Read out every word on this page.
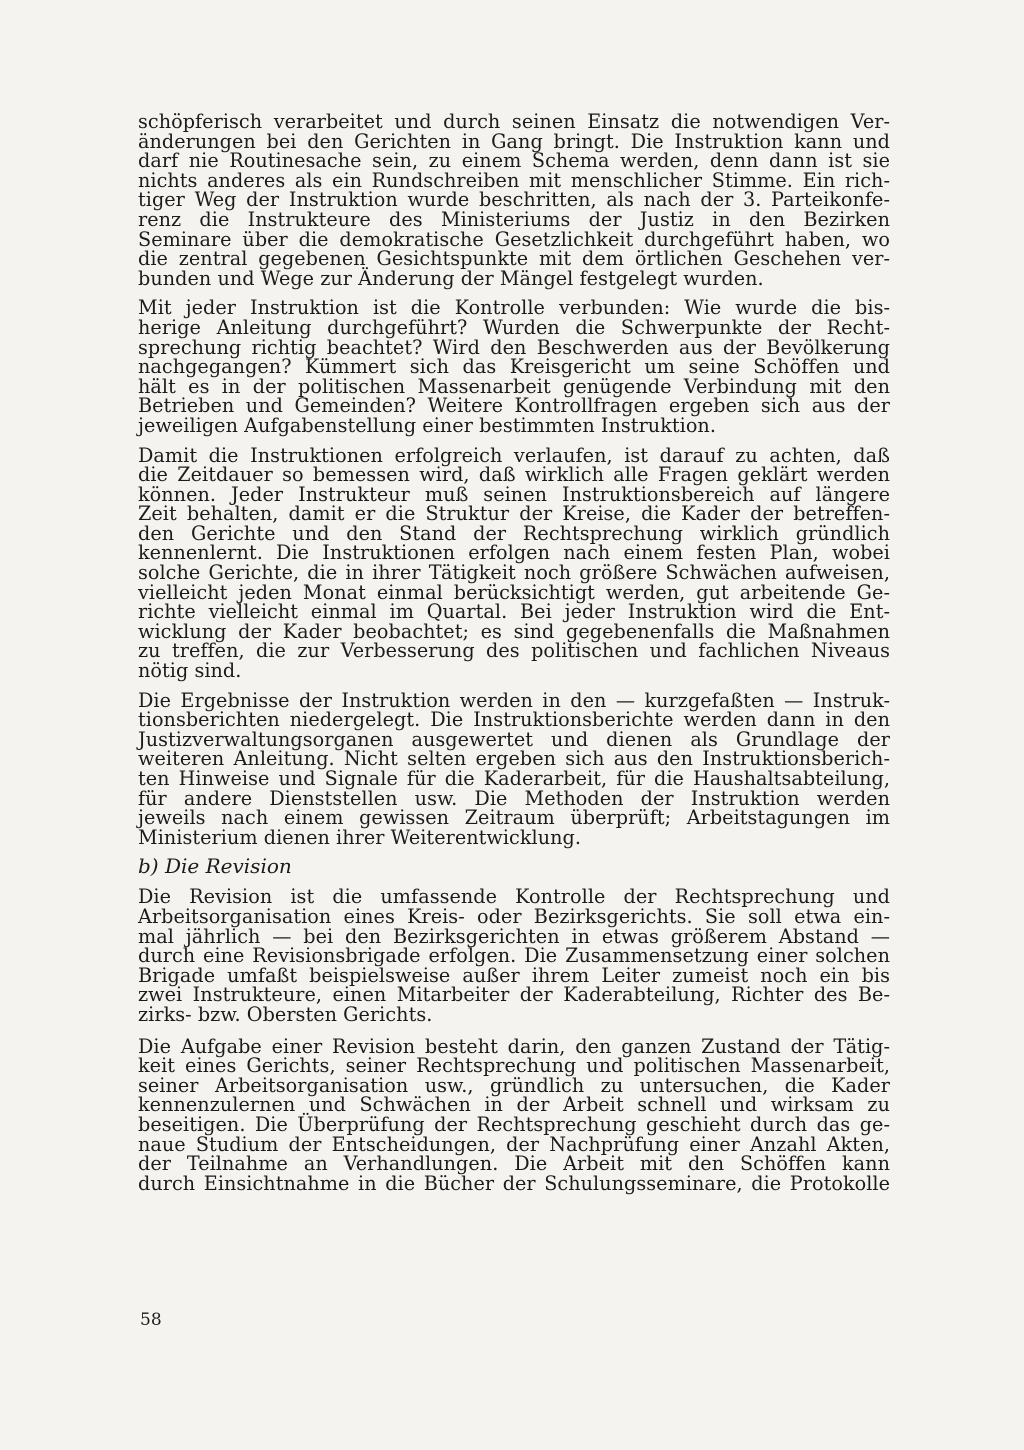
schöpferisch verarbeitet und durch seinen Einsatz die notwendigen Ver-
änderungen bei den Gerichten in Gang bringt. Die Instruktion kann und
darf nie Routinesache sein, zu einem Schema werden, denn dann ist sie
nichts anderes als ein Rundschreiben mit menschlicher Stimme. Ein rich-
tiger Weg der Instruktion wurde beschritten, als nach der 3. Parteikonfe-
renz die Instrukteure des Ministeriums der Justiz in den Bezirken
Seminare über die demokratische Gesetzlichkeit durchgeführt haben, wo
die zentral gegebenen Gesichtspunkte mit dem örtlichen Geschehen ver-
bunden und Wege zur Änderung der Mängel festgelegt wurden.
Mit jeder Instruktion ist die Kontrolle verbunden: Wie wurde die bis-
herige Anleitung durchgeführt? Wurden die Schwerpunkte der Recht-
sprechung richtig beachtet? Wird den Beschwerden aus der Bevölkerung
nachgegangen? Kümmert sich das Kreisgericht um seine Schöffen und
hält es in der politischen Massenarbeit genügende Verbindung mit den
Betrieben und Gemeinden? Weitere Kontrollfragen ergeben sich aus der
jeweiligen Aufgabenstellung einer bestimmten Instruktion.
Damit die Instruktionen erfolgreich verlaufen, ist darauf zu achten, daß
die Zeitdauer so bemessen wird, daß wirklich alle Fragen geklärt werden
können. Jeder Instrukteur muß seinen Instruktionsbereich auf längere
Zeit behalten, damit er die Struktur der Kreise, die Kader der betreffen-
den Gerichte und den Stand der Rechtsprechung wirklich gründlich
kennenlernt. Die Instruktionen erfolgen nach einem festen Plan, wobei
solche Gerichte, die in ihrer Tätigkeit noch größere Schwächen aufweisen,
vielleicht jeden Monat einmal berücksichtigt werden, gut arbeitende Ge-
richte vielleicht einmal im Quartal. Bei jeder Instruktion wird die Ent-
wicklung der Kader beobachtet; es sind gegebenenfalls die Maßnahmen
zu treffen, die zur Verbesserung des politischen und fachlichen Niveaus
nötig sind.
Die Ergebnisse der Instruktion werden in den — kurzgefaßten — Instruk-
tionsberichten niedergelegt. Die Instruktionsberichte werden dann in den
Justizverwaltungsorganen ausgewertet und dienen als Grundlage der
weiteren Anleitung. Nicht selten ergeben sich aus den Instruktionsberich-
ten Hinweise und Signale für die Kaderarbeit, für die Haushaltsabteilung,
für andere Dienststellen usw. Die Methoden der Instruktion werden
jeweils nach einem gewissen Zeitraum überprüft; Arbeitstagungen im
Ministerium dienen ihrer Weiterentwicklung.
b) Die Revision
Die Revision ist die umfassende Kontrolle der Rechtsprechung und
Arbeitsorganisation eines Kreis- oder Bezirksgerichts. Sie soll etwa ein-
mal jährlich — bei den Bezirksgerichten in etwas größerem Abstand —
durch eine Revisionsbrigade erfolgen. Die Zusammensetzung einer solchen
Brigade umfaßt beispielsweise außer ihrem Leiter zumeist noch ein bis
zwei Instrukteure, einen Mitarbeiter der Kaderabteilung, Richter des Be-
zirks- bzw. Obersten Gerichts.
Die Aufgabe einer Revision besteht darin, den ganzen Zustand der Tätig-
keit eines Gerichts, seiner Rechtsprechung und politischen Massenarbeit,
seiner Arbeitsorganisation usw., gründlich zu untersuchen, die Kader
kennenzulernen und Schwächen in der Arbeit schnell und wirksam zu
beseitigen. Die Überprüfung der Rechtsprechung geschieht durch das ge-
naue Studium der Entscheidungen, der Nachprüfung einer Anzahl Akten,
der Teilnahme an Verhandlungen. Die Arbeit mit den Schöffen kann
durch Einsichtnahme in die Bücher der Schulungsseminare, die Protokolle
58
